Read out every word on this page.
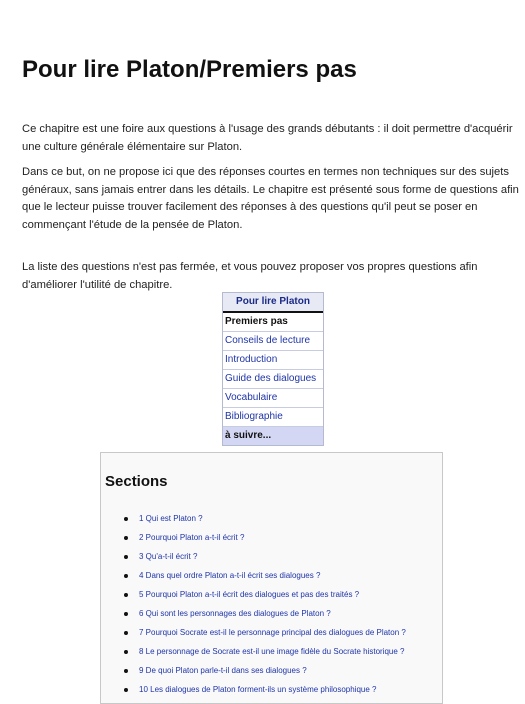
Pour lire Platon/Premiers pas

Ce chapitre est une foire aux questions à l'usage des grands débutants : il doit permettre d'acquérir une culture générale élémentaire sur Platon.

Dans ce but, on ne propose ici que des réponses courtes en termes non techniques sur des sujets généraux, sans jamais entrer dans les détails. Le chapitre est présenté sous forme de questions afin que le lecteur puisse trouver facilement des réponses à des questions qu'il peut se poser en commençant l'étude de la pensée de Platon.

La liste des questions n'est pas fermée, et vous pouvez proposer vos propres questions afin d'améliorer l'utilité de chapitre.

Pour lire Platon
Premiers pas
Conseils de lecture
Introduction
Guide des dialogues
Vocabulaire
Bibliographie
à suivre...
Sections
1 Qui est Platon ?
2 Pourquoi Platon a-t-il écrit ?
3 Qu'a-t-il écrit ?
4 Dans quel ordre Platon a-t-il écrit ses dialogues ?
5 Pourquoi Platon a-t-il écrit des dialogues et pas des traités ?
6 Qui sont les personnages des dialogues de Platon ?
7 Pourquoi Socrate est-il le personnage principal des dialogues de Platon ?
8 Le personnage de Socrate est-il une image fidèle du Socrate historique ?
9 De quoi Platon parle-t-il dans ses dialogues ?
10 Les dialogues de Platon forment-ils un système philosophique ?
